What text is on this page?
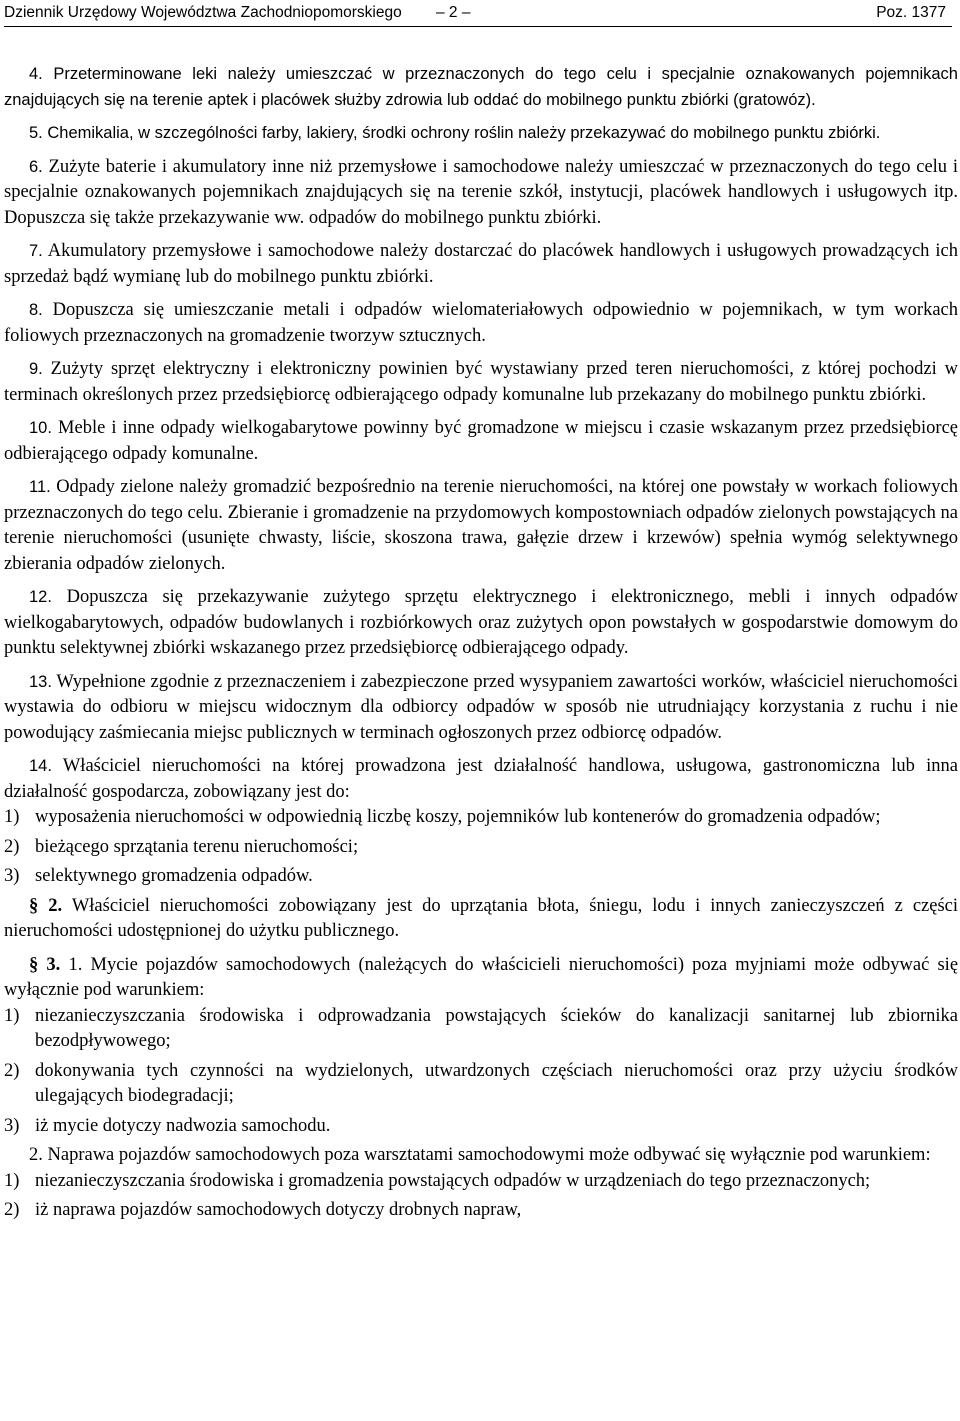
Dziennik Urzędowy Województwa Zachodniopomorskiego – 2 –	Poz. 1377
4. Przeterminowane leki należy umieszczać w przeznaczonych do tego celu i specjalnie oznakowanych pojemnikach znajdujących się na terenie aptek i placówek służby zdrowia lub oddać do mobilnego punktu zbiórki (gratowóz).
5. Chemikalia, w szczególności farby, lakiery, środki ochrony roślin należy przekazywać do mobilnego punktu zbiórki.
6. Zużyte baterie i akumulatory inne niż przemysłowe i samochodowe należy umieszczać w przeznaczonych do tego celu i specjalnie oznakowanych pojemnikach znajdujących się na terenie szkół, instytucji, placówek handlowych i usługowych itp. Dopuszcza się także przekazywanie ww. odpadów do mobilnego punktu zbiórki.
7. Akumulatory przemysłowe i samochodowe należy dostarczać do placówek handlowych i usługowych prowadzących ich sprzedaż bądź wymianę lub do mobilnego punktu zbiórki.
8. Dopuszcza się umieszczanie metali i odpadów wielomateriałowych odpowiednio w pojemnikach, w tym workach foliowych przeznaczonych na gromadzenie tworzyw sztucznych.
9. Zużyty sprzęt elektryczny i elektroniczny powinien być wystawiany przed teren nieruchomości, z której pochodzi w terminach określonych przez przedsiębiorcę odbierającego odpady komunalne lub przekazany do mobilnego punktu zbiórki.
10. Meble i inne odpady wielkogabarytowe powinny być gromadzone w miejscu i czasie wskazanym przez przedsiębiorcę odbierającego odpady komunalne.
11. Odpady zielone należy gromadzić bezpośrednio na terenie nieruchomości, na której one powstały w workach foliowych przeznaczonych do tego celu. Zbieranie i gromadzenie na przydomowych kompostowniach odpadów zielonych powstających na terenie nieruchomości (usunięte chwasty, liście, skoszona trawa, gałęzie drzew i krzewów) spełnia wymóg selektywnego zbierania odpadów zielonych.
12. Dopuszcza się przekazywanie zużytego sprzętu elektrycznego i elektronicznego, mebli i innych odpadów wielkogabarytowych, odpadów budowlanych i rozbiórkowych oraz zużytych opon powstałych w gospodarstwie domowym do punktu selektywnej zbiórki wskazanego przez przedsiębiorcę odbierającego odpady.
13. Wypełnione zgodnie z przeznaczeniem i zabezpieczone przed wysypaniem zawartości worków, właściciel nieruchomości wystawia do odbioru w miejscu widocznym dla odbiorcy odpadów w sposób nie utrudniający korzystania z ruchu i nie powodujący zaśmiecania miejsc publicznych w terminach ogłoszonych przez odbiorcę odpadów.
14. Właściciel nieruchomości na której prowadzona jest działalność handlowa, usługowa, gastronomiczna lub inna działalność gospodarcza, zobowiązany jest do:
1) wyposażenia nieruchomości w odpowiednią liczbę koszy, pojemników lub kontenerów do gromadzenia odpadów;
2) bieżącego sprzątania terenu nieruchomości;
3) selektywnego gromadzenia odpadów.
§ 2. Właściciel nieruchomości zobowiązany jest do uprzątania błota, śniegu, lodu i innych zanieczyszczeń z części nieruchomości udostępnionej do użytku publicznego.
§ 3. 1. Mycie pojazdów samochodowych (należących do właścicieli nieruchomości) poza myjniami może odbywać się wyłącznie pod warunkiem:
1) niezanieczyszczania środowiska i odprowadzania powstających ścieków do kanalizacji sanitarnej lub zbiornika bezodpływowego;
2) dokonywania tych czynności na wydzielonych, utwardzonych częściach nieruchomości oraz przy użyciu środków ulegających biodegradacji;
3) iż mycie dotyczy nadwozia samochodu.
2. Naprawa pojazdów samochodowych poza warsztatami samochodowymi może odbywać się wyłącznie pod warunkiem:
1) niezanieczyszczania środowiska i gromadzenia powstających odpadów w urządzeniach do tego przeznaczonych;
2) iż naprawa pojazdów samochodowych dotyczy drobnych napraw,
